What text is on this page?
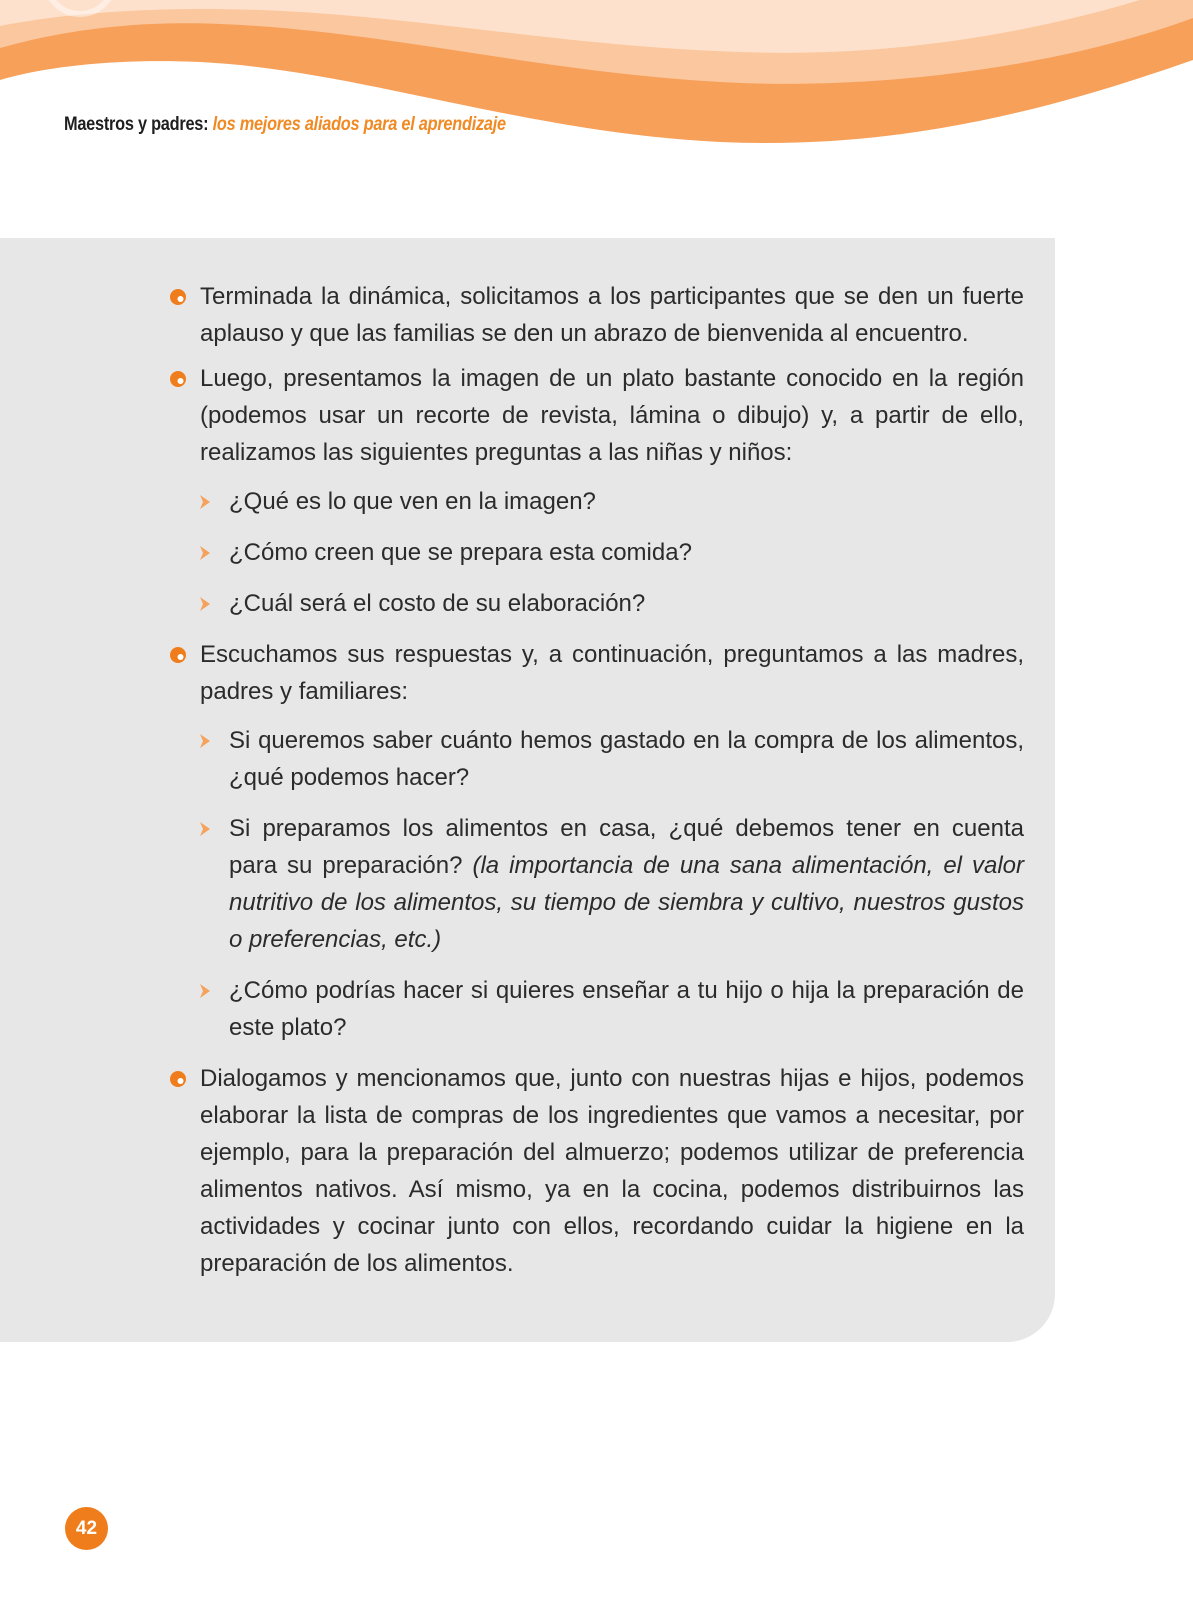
Maestros y padres: los mejores aliados para el aprendizaje
Terminada la dinámica, solicitamos a los participantes que se den un fuerte aplauso y que las familias se den un abrazo de bienvenida al encuentro.
Luego, presentamos la imagen de un plato bastante conocido en la región (podemos usar un recorte de revista, lámina o dibujo) y, a partir de ello, realizamos las siguientes preguntas a las niñas y niños:
¿Qué es lo que ven en la imagen?
¿Cómo creen que se prepara esta comida?
¿Cuál será el costo de su elaboración?
Escuchamos sus respuestas y, a continuación, preguntamos a las madres, padres y familiares:
Si queremos saber cuánto hemos gastado en la compra de los alimentos, ¿qué podemos hacer?
Si preparamos los alimentos en casa, ¿qué debemos tener en cuenta para su preparación? (la importancia de una sana alimentación, el valor nutritivo de los alimentos, su tiempo de siembra y cultivo, nuestros gustos o preferencias, etc.)
¿Cómo podrías hacer si quieres enseñar a tu hijo o hija la preparación de este plato?
Dialogamos y mencionamos que, junto con nuestras hijas e hijos, podemos elaborar la lista de compras de los ingredientes que vamos a necesitar, por ejemplo, para la preparación del almuerzo; podemos utilizar de preferencia alimentos nativos. Así mismo, ya en la cocina, podemos distribuirnos las actividades y cocinar junto con ellos, recordando cuidar la higiene en la preparación de los alimentos.
42
